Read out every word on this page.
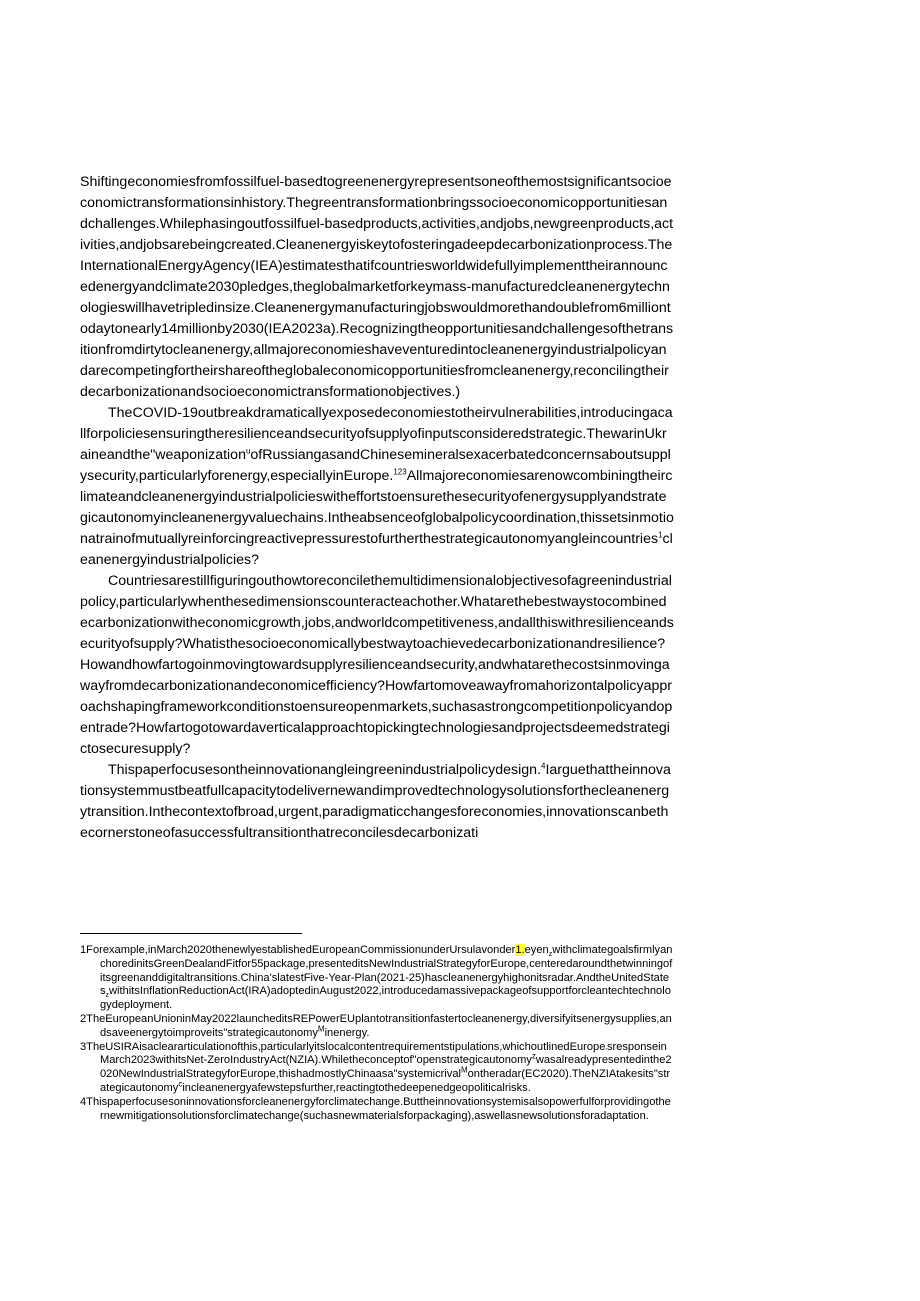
Shiftingeconomiesfromfossilfuel-basedtogreenenergyrepresentsoneofthemostsignificantsocioeconomictransformationsinhistory.Thegreentransformationbringssocioeconomicopportunitiesandchallenges.Whilephasingoutfossilfuel-basedproducts,activities,andjobs,newgreenproducts,activities,andjobsarebeingcreated.Cleanenergyiskeytofosteringadeepdecarbonizationprocess.TheInternationalEnergyAgency(IEA)estimatesthatifcountriesworldwidefullyimplementtheirannouncedenergyandclimate2030pledges,theglobalmarketforkeymass-manufacturedcleanenergytechnologieswillhavetripledinsize.Cleanenergymanufacturingjobswouldmorethandoublefrom6milliontodaytonearly14millionby2030(IEA2023a).Recognizingtheopportunitiesandchallengesofthetransitionfromdirtytocleanenergy,allmajoreconomieshaveventuredintocleanenergyindustrialpolicyandarecompetingfortheirshareoftheglobaleconomicopportunitiesfromcleanenergy,reconcilingtheirdecarbonizationandsocioeconomictransformationobjectives.)

TheCOVID-19outbreakdramaticallyexposedeconomiestotheirvulnerabilities,introducingacallforpoliciesensuringtheresilienceandsecurityofsupplyofinputsconsideredstrategic.ThewarinUkraineandthe"weaponization$^u$ofRussiangasandChinesemineralsexacerbatedconcernsaboutsupplysecurity,particularlyforenergy,especiallyinEurope.$^{123}$Allmajoreconomiesarenowcombiningtheirclimateandcleanenergyindustrialpolicieswitheffortstoensurethesecurityofenergysupplyandstrategicautonomyincleanenergyvaluechains.Intheabsenceofglobalpolicycoordination,thissetsinmotionatrainofmutuallyreinforcingreactivepressurestofurtherthestrategicautonomyangleincountries$^1$cleanenergyindustrialpolicies?

Countriesarestillfiguringouthowtoreconcilethemultidimensionalobjectivesofagreenindustrialpolicy,particularlywhenthesedimensionscounteracteachother.Whatarethebestwaystocombinedecarbonizationwitheconomicgrowth,jobs,andworldcompetitiveness,andallthiswithresilienceandsecurityofsupply?Whatisthesocioeconomicallybestwaytoachievedecarbonizationandresilience?Howandhowfartogoinmovingtowardsupplyresilienceandsecurity,andwhatarethecostsinmovingawayfromdecarbonizationandeconomicefficiency?Howfartomoveawayfromahorizontalpolicyapproachshapingframeworkconditionstoensureopenmarkets,suchasastrongcompetitionpolicyandopentrade?Howfartogotowardaverticalapproachtopickingtechnologiesandprojectsdeemedstrategictosecuresupply?

Thispaperfocusesontheinnovationangleingreenindustrialpolicydesign.$^4$Iarguethattheinnovationsystemmustbeatfullcapacitytodelivernewandimprovedtechnologysolutionsforthecleanenergytransition.Inthecontextofbroad,urgent,paradigmaticchangesforeconomies,innovationscanbethecornerstoneofasuccessfultransitionthatreconcilesdecarbonizati

1Forexample,inMarch2020thenewlyestablishedEuropeanCommissionunderUrsulavonder1.eyen$_z$withclimategoalsfirmlyanchoredinitsGreenDealandFitfor55package,presenteditsNewIndustrialStrategyforEurope,centeredaroundthetwinningofitsgreenanddigitaltransitions.China'slatestFive-Year-Plan(2021-25)hascleanenergyhighonitsradar.AndtheUnitedStates$_z$withitsInflationReductionAct(IRA)adoptedinAugust2022,introducedamassivepackageofsupportforcleantechtechnologydeployment.
2TheEuropeanUnioninMay2022launcheditsREPowerEUplantotransitionfastertocleanenergy,diversifyitsenergysupplies,andsaveenergytoimproveits"strategicautonomy$^M$inenergy.
3TheUSIRAisacleararticulationofthis,particularlyitslocalcontentrequirementstipulations,whichoutlinedEurope$_’$sresponseinMarch2023withitsNet-ZeroIndustryAct(NZIA).Whiletheconceptof"openstrategicautonomy$^z$wasalreadypresentedinthe2020NewIndustrialStrategyforEurope,thishadmostlyChinaasa"systemicrival$^M$ontheradar(EC2020).TheNZIAtakesits"strategicautonomy$^c$incleanenergyafewstepsfurther,reactingtothedeepenedgeopoliticalrisks.
4Thispaperfocusesoninnovationsforcleanenergyforclimatechange.Buttheinnovationsystemisalsopowerfulforprovidingothernewmitigationsolutionsforclimatechange(suchasnewmaterialsforpackaging),aswellasnewsolutionsforadaptation.
